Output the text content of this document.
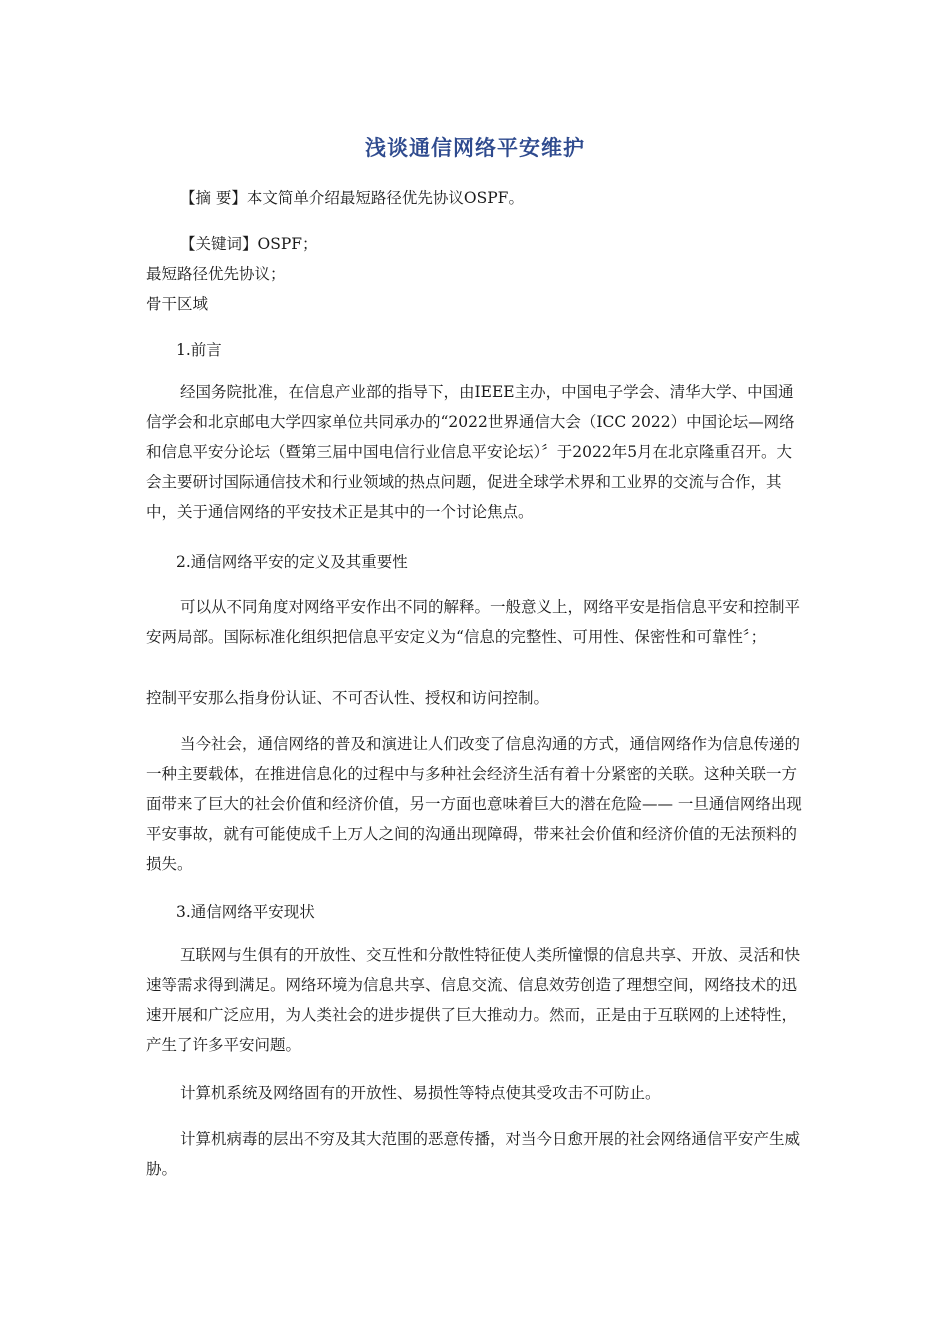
浅谈通信网络平安维护

【摘 要】本文简单介绍最短路径优先协议OSPF。

【关键词】OSPF；
最短路径优先协议；
骨干区域

1.前言

经国务院批准，在信息产业部的指导下，由IEEE主办，中国电子学会、清华大学、中国通信学会和北京邮电大学四家单位共同承办的“2022世界通信大会（ICC 2022）中国论坛—网络和信息平安分论坛（暨第三届中国电信行业信息平安论坛）〞于2022年5月在北京隆重召开。大会主要研讨国际通信技术和行业领域的热点问题，促进全球学术界和工业界的交流与合作，其中，关于通信网络的平安技术正是其中的一个讨论焦点。

2.通信网络平安的定义及其重要性

可以从不同角度对网络平安作出不同的解释。一般意义上，网络平安是指信息平安和控制平安两局部。国际标准化组织把信息平安定义为“信息的完整性、可用性、保密性和可靠性〞；

控制平安那么指身份认证、不可否认性、授权和访问控制。

当今社会，通信网络的普及和演进让人们改变了信息沟通的方式，通信网络作为信息传递的一种主要载体，在推进信息化的过程中与多种社会经济生活有着十分紧密的关联。这种关联一方面带来了巨大的社会价值和经济价值，另一方面也意味着巨大的潜在危险—— 一旦通信网络出现平安事故，就有可能使成千上万人之间的沟通出现障碍，带来社会价值和经济价值的无法预料的损失。

3.通信网络平安现状

互联网与生俱有的开放性、交互性和分散性特征使人类所憧憬的信息共享、开放、灵活和快速等需求得到满足。网络环境为信息共享、信息交流、信息效劳创造了理想空间，网络技术的迅速开展和广泛应用，为人类社会的进步提供了巨大推动力。然而，正是由于互联网的上述特性，产生了许多平安问题。

计算机系统及网络固有的开放性、易损性等特点使其受攻击不可防止。

计算机病毒的层出不穷及其大范围的恶意传播，对当今日愈开展的社会网络通信平安产生威胁。
